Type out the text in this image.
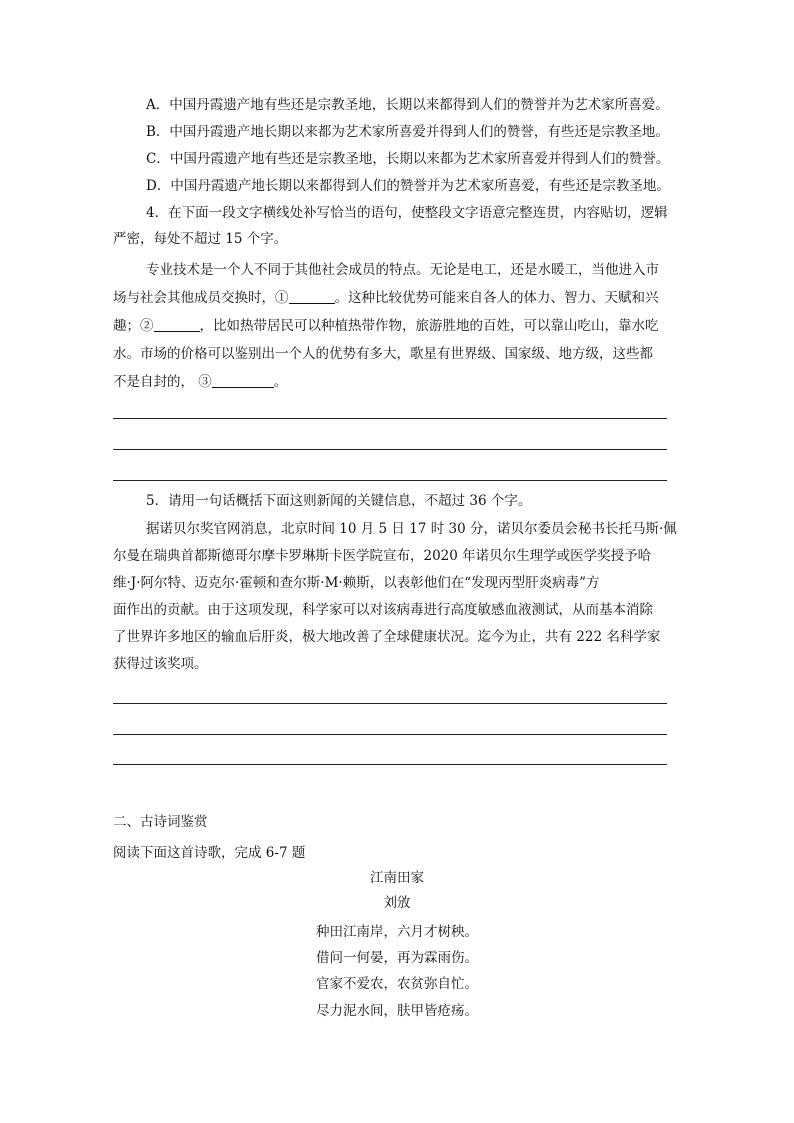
A．中国丹霞遗产地有些还是宗教圣地，长期以来都得到人们的赞誉并为艺术家所喜爱。
B．中国丹霞遗产地长期以来都为艺术家所喜爱并得到人们的赞誉，有些还是宗教圣地。
C．中国丹霞遗产地有些还是宗教圣地，长期以来都为艺术家所喜爱并得到人们的赞誉。
D．中国丹霞遗产地长期以来都得到人们的赞誉并为艺术家所喜爱，有些还是宗教圣地。
4．在下面一段文字横线处补写恰当的语句，使整段文字语意完整连贯，内容贴切，逻辑
严密，每处不超过 15 个字。
专业技术是一个人不同于其他社会成员的特点。无论是电工，还是水暖工，当他进入市
场与社会其他成员交换时，①	。这种比较优势可能来自各人的体力、智力、天赋和兴
趣；②	，比如热带居民可以种植热带作物，旅游胜地的百姓，可以靠山吃山，靠水吃
水。市场的价格可以鉴别出一个人的优势有多大，歌星有世界级、国家级、地方级，这些都
不是自封的， ③	。
5．请用一句话概括下面这则新闻的关键信息，不超过 36 个字。
据诺贝尔奖官网消息，北京时间 10 月 5 日 17 时 30 分，诺贝尔委员会秘书长托马斯·佩
尔曼在瑞典首都斯德哥尔摩卡罗琳斯卡医学院宣布，2020 年诺贝尔生理学或医学奖授予哈
维·J·阿尔特、迈克尔·霍顿和查尔斯·M·赖斯，以表彰他们在“发现丙型肝炎病毒”方
面作出的贡献。由于这项发现，科学家可以对该病毒进行高度敏感血液测试，从而基本消除
了世界许多地区的输血后肝炎，极大地改善了全球健康状况。迄今为止，共有 222 名科学家
获得过该奖项。
二、古诗词鉴赏
阅读下面这首诗歌，完成 6-7 题
江南田家
刘攽
种田江南岸，六月才树秧。
借问一何晏，再为霖雨伤。
官家不爱农，农贫弥自忙。
尽力泥水间，肤甲皆疮疡。
